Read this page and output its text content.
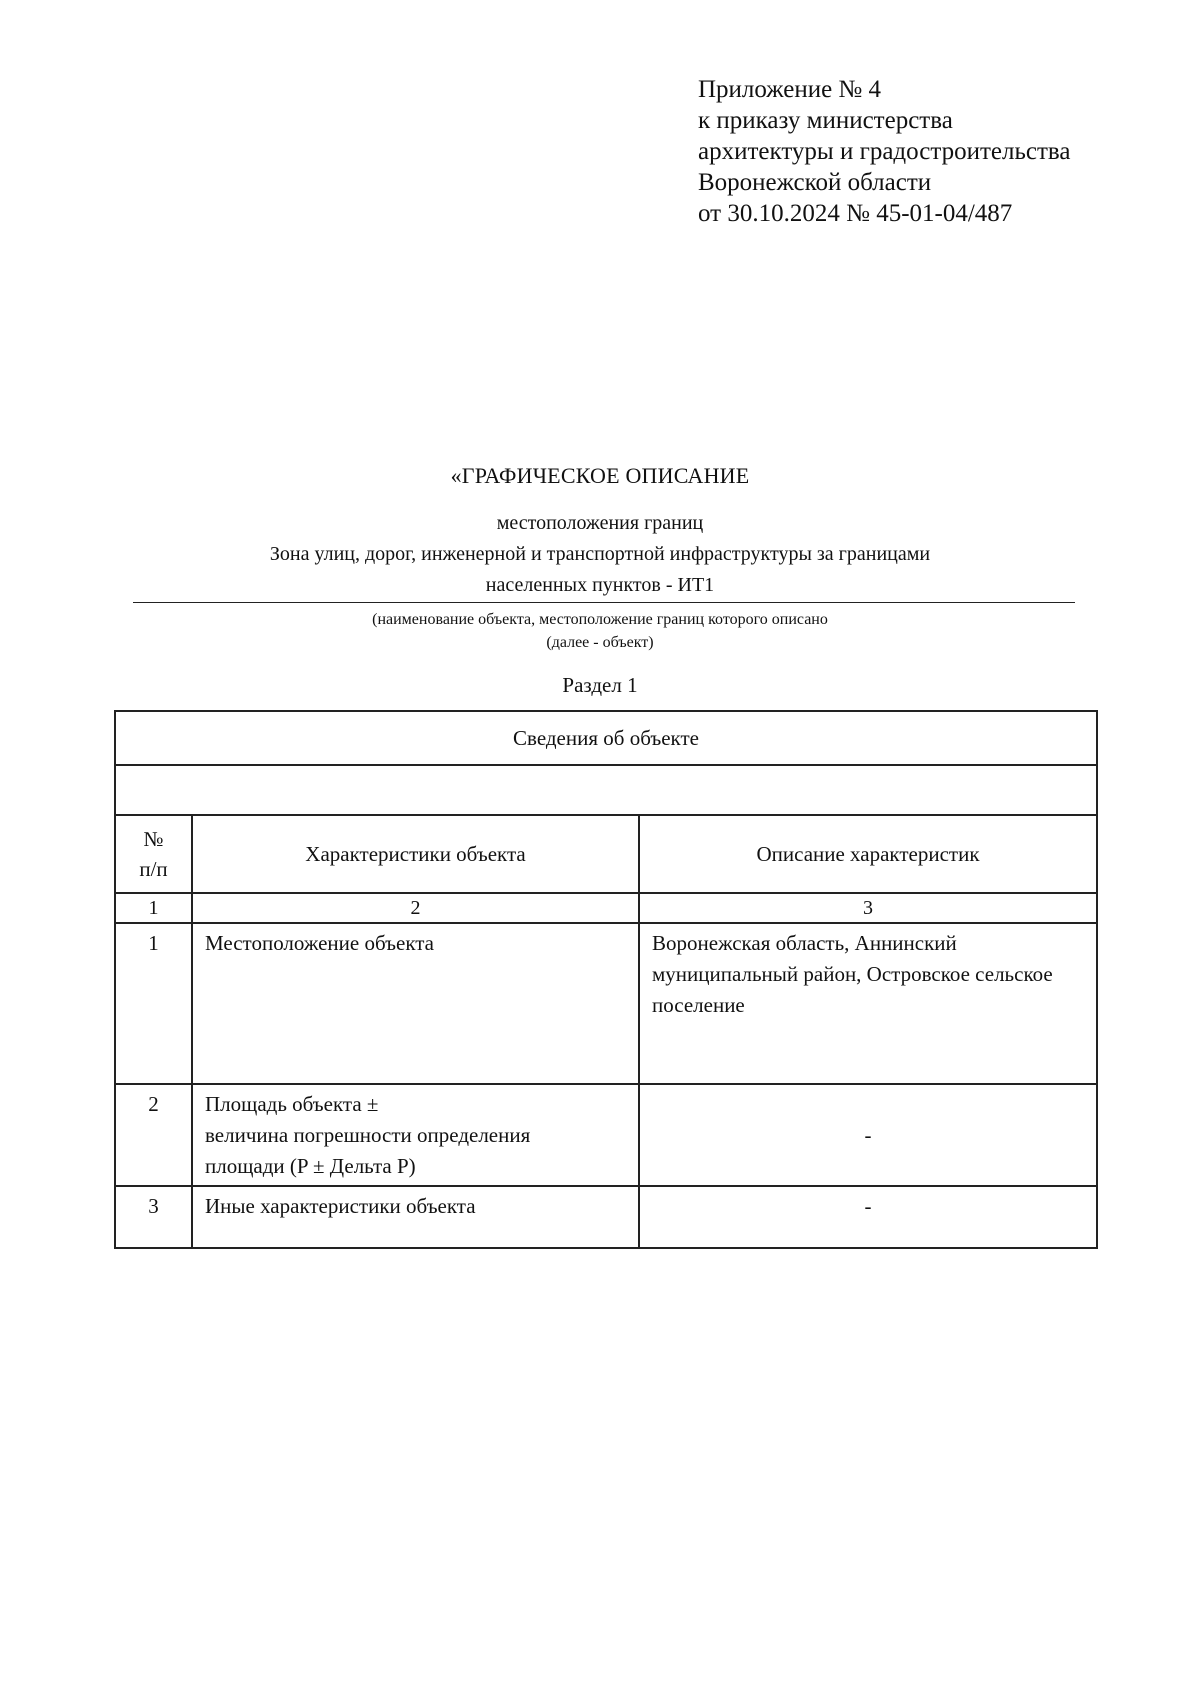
Приложение № 4
к приказу министерства
архитектуры и градостроительства
Воронежской области
от 30.10.2024 № 45-01-04/487
«ГРАФИЧЕСКОЕ ОПИСАНИЕ
местоположения границ
Зона улиц, дорог, инженерной и транспортной инфраструктуры за границами
населенных пунктов - ИТ1
(наименование объекта, местоположение границ которого описано
(далее - объект)
Раздел 1
Сведения об объекте		

№
п/п	Характеристики объекта	Описание характеристик
1	2	3
1	Местоположение объекта	Воронежская область, Аннинский муниципальный район, Островское сельское поселение
2	Площадь объекта ±
величина погрешности определения
площади (P ± Дельта P)	-
3	Иные характеристики объекта	-
